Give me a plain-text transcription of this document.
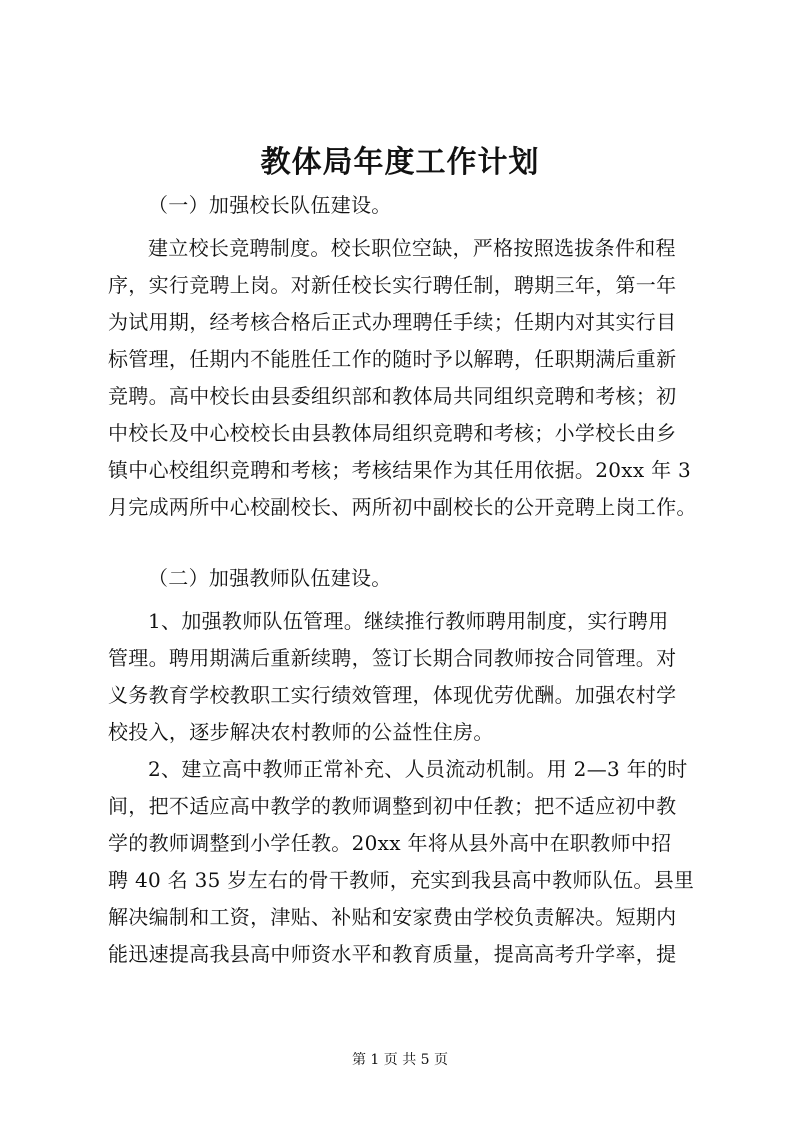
教体局年度工作计划
（一）加强校长队伍建设。
建立校长竞聘制度。校长职位空缺，严格按照选拔条件和程
序，实行竞聘上岗。对新任校长实行聘任制，聘期三年，第一年
为试用期，经考核合格后正式办理聘任手续；任期内对其实行目
标管理，任期内不能胜任工作的随时予以解聘，任职期满后重新
竞聘。高中校长由县委组织部和教体局共同组织竞聘和考核；初
中校长及中心校校长由县教体局组织竞聘和考核；小学校长由乡
镇中心校组织竞聘和考核；考核结果作为其任用依据。20xx 年 3
月完成两所中心校副校长、两所初中副校长的公开竞聘上岗工作。
（二）加强教师队伍建设。
1、加强教师队伍管理。继续推行教师聘用制度，实行聘用
管理。聘用期满后重新续聘，签订长期合同教师按合同管理。对
义务教育学校教职工实行绩效管理，体现优劳优酬。加强农村学
校投入，逐步解决农村教师的公益性住房。
2、建立高中教师正常补充、人员流动机制。用 2—3 年的时
间，把不适应高中教学的教师调整到初中任教；把不适应初中教
学的教师调整到小学任教。20xx 年将从县外高中在职教师中招
聘 40 名 35 岁左右的骨干教师，充实到我县高中教师队伍。县里
解决编制和工资，津贴、补贴和安家费由学校负责解决。短期内
能迅速提高我县高中师资水平和教育质量，提高高考升学率，提
第 1 页 共 5 页
